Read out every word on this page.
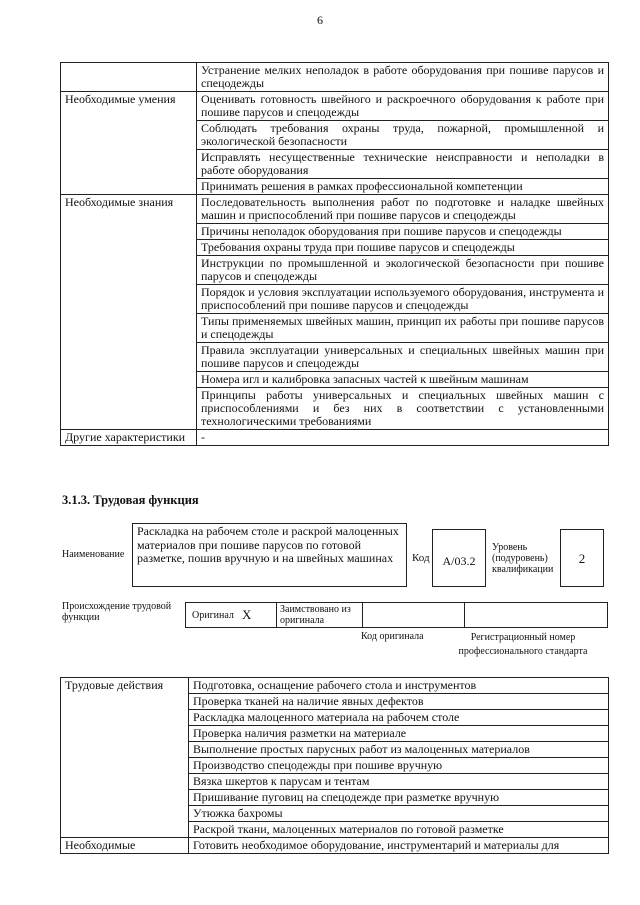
6
	Устранение мелких неполадок в работе оборудования при пошиве парусов и спецодежды
Необходимые умения	Оценивать готовность швейного и раскроечного оборудования к работе при пошиве парусов и спецодежды
	Соблюдать требования охраны труда, пожарной, промышленной и экологической безопасности
	Исправлять несущественные технические неисправности и неполадки в работе оборудования
	Принимать решения в рамках профессиональной компетенции
Необходимые знания	Последовательность выполнения работ по подготовке и наладке швейных машин и приспособлений при пошиве парусов и спецодежды
	Причины неполадок оборудования при пошиве парусов и спецодежды
	Требования охраны труда при пошиве парусов и спецодежды
	Инструкции по промышленной и экологической безопасности при пошиве парусов и спецодежды
	Порядок и условия эксплуатации используемого оборудования, инструмента и приспособлений при пошиве парусов и спецодежды
	Типы применяемых швейных машин, принцип их работы при пошиве парусов и спецодежды
	Правила эксплуатации универсальных и специальных швейных машин при пошиве парусов и спецодежды
	Номера игл и калибровка запасных частей к швейным машинам
	Принципы работы универсальных и специальных швейных машин с приспособлениями и без них в соответствии с установленными технологическими требованиями
Другие характеристики	-
3.1.3. Трудовая функция
Наименование
Раскладка на рабочем столе и раскрой малоценных материалов при пошиве парусов по готовой разметке, пошив вручную и на швейных машинах	Код	А/03.2
Уровень (подуровень) квалификации
2
Происхождение трудовой функции	Оригинал X	Заимствовано из оригинала
Код оригинала	Регистрационный номер профессионального стандарта
Трудовые действия	Подготовка, оснащение рабочего стола и инструментов
	Проверка тканей на наличие явных дефектов
	Раскладка малоценного материала на рабочем столе
	Проверка наличия разметки на материале
	Выполнение простых парусных работ из малоценных материалов
	Производство спецодежды при пошиве вручную
	Вязка шкертов к парусам и тентам
	Пришивание пуговиц на спецодежде при разметке вручную
	Утюжка бахромы
	Раскрой ткани, малоценных материалов по готовой разметке
Необходимые	Готовить необходимое оборудование, инструментарий и материалы для
